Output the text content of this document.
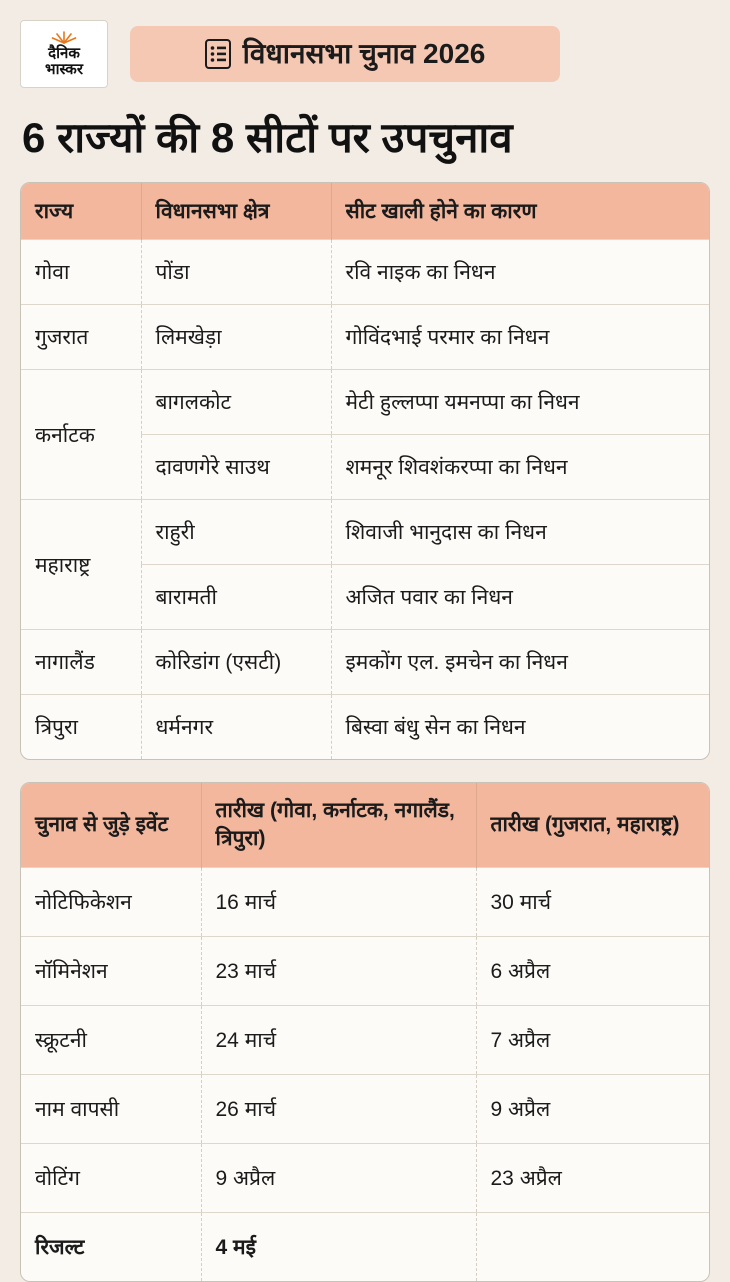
दैनिक
भास्कर	विधानसभा चुनाव 2026
6 राज्यों की 8 सीटों पर उपचुनाव
राज्य	विधानसभा क्षेत्र	सीट खाली होने का कारण
गोवा	पोंडा	रवि नाइक का निधन
गुजरात	लिमखेड़ा	गोविंदभाई परमार का निधन
कर्नाटक	बागलकोट	मेटी हुल्लप्पा यमनप्पा का निधन
	दावणगेरे साउथ	शमनूर शिवशंकरप्पा का निधन
महाराष्ट्र	राहुरी	शिवाजी भानुदास का निधन
	बारामती	अजित पवार का निधन
नागालैंड	कोरिडांग (एसटी)	इमकोंग एल. इमचेन का निधन
त्रिपुरा	धर्मनगर	बिस्वा बंधु सेन का निधन
चुनाव से जुड़े इवेंट	तारीख (गोवा, कर्नाटक, नगालैंड, त्रिपुरा)	तारीख (गुजरात, महाराष्ट्र)
नोटिफिकेशन	16 मार्च	30 मार्च
नॉमिनेशन	23 मार्च	6 अप्रैल
स्क्रूटनी	24 मार्च	7 अप्रैल
नाम वापसी	26 मार्च	9 अप्रैल
वोटिंग	9 अप्रैल	23 अप्रैल
रिजल्ट	4 मई	
